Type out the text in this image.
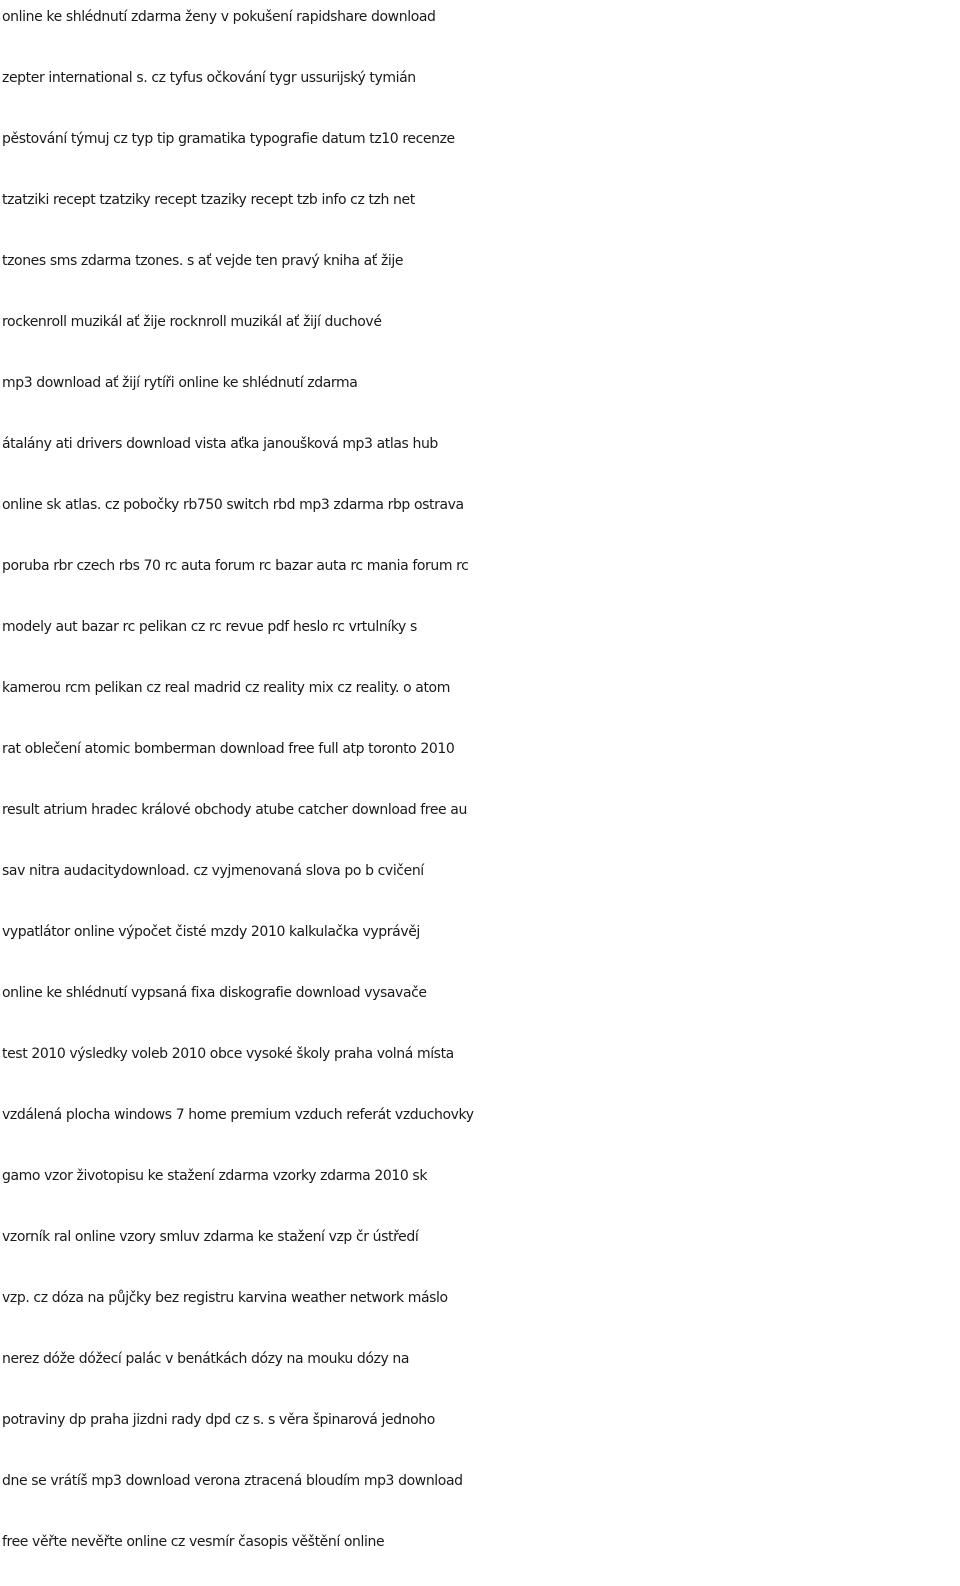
online ke shlédnutí zdarma ženy v pokušení rapidshare download
zepter international s. cz tyfus očkování tygr ussurijský tymián
pěstování týmuj cz typ tip gramatika typografie datum tz10 recenze
tzatziki recept tzatziky recept tzaziky recept tzb info cz tzh net
tzones sms zdarma tzones. s ať vejde ten pravý kniha ať žije
rockenroll muzikál ať žije rocknroll muzikál ať žijí duchové
mp3 download ať žijí rytíři online ke shlédnutí zdarma
átalány ati drivers download vista aťka janoušková mp3 atlas hub
online sk atlas. cz pobočky rb750 switch rbd mp3 zdarma rbp ostrava
poruba rbr czech rbs 70 rc auta forum rc bazar auta rc mania forum rc
modely aut bazar rc pelikan cz rc revue pdf heslo rc vrtulníky s
kamerou rcm pelikan cz real madrid cz reality mix cz reality. o atom
rat oblečení atomic bomberman download free full atp toronto 2010
result atrium hradec králové obchody atube catcher download free au
sav nitra audacitydownload. cz vyjmenovaná slova po b cvičení
vypatlátor online výpočet čisté mzdy 2010 kalkulačka vyprávěj
online ke shlédnutí vypsaná fixa diskografie download vysavače
test 2010 výsledky voleb 2010 obce vysoké školy praha volná místa
vzdálená plocha windows 7 home premium vzduch referát vzduchovky
gamo vzor životopisu ke stažení zdarma vzorky zdarma 2010 sk
vzorník ral online vzory smluv zdarma ke stažení vzp čr ústředí
vzp. cz dóza na půjčky bez registru karvina weather network máslo
nerez dóže dóžecí palác v benátkách dózy na mouku dózy na
potraviny dp praha jizdni rady dpd cz s. s věra špinarová jednoho
dne se vrátíš mp3 download verona ztracená bloudím mp3 download
free věřte nevěřte online cz vesmír časopis věštění online
